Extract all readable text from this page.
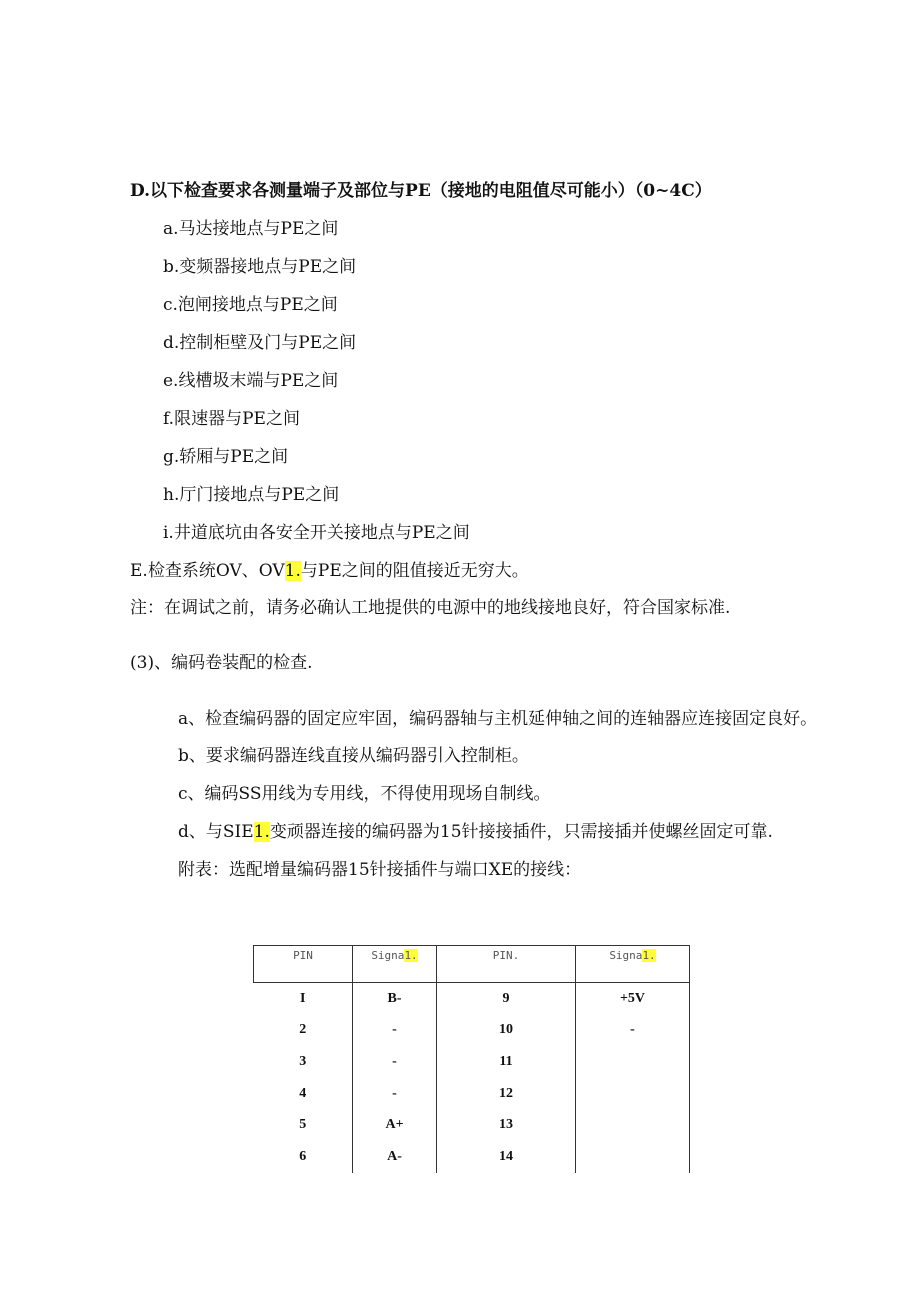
D.以下检查要求各测量端子及部位与PE（接地的电阻值尽可能小）（0~4C）
a.马达接地点与PE之间
b.变频器接地点与PE之间
c.泡闸接地点与PE之间
d.控制柜壁及门与PE之间
e.线槽圾末端与PE之间
f.限速器与PE之间
g.轿厢与PE之间
h.厅门接地点与PE之间
i.井道底坑由各安全开关接地点与PE之间
E.检查系统OV、OV1.与PE之间的阻值接近无穷大。
注：在调试之前，请务必确认工地提供的电源中的地线接地良好，符合国家标准.
(3)、编码卷装配的检查.
a、检查编码器的固定应牢固，编码器轴与主机延伸轴之间的连轴器应连接固定良好。
b、要求编码器连线直接从编码器引入控制柜。
c、编码SS用线为专用线，不得使用现场自制线。
d、与SIE1.变顽器连接的编码器为15针接接插件，只需接插并使螺丝固定可靠.
附表：选配增量编码器15针接插件与端口XE的接线：
PIN	Signa1.	PIN.	Signa1.
I	B-	9	+5V
2	-	10	-
3	-	11	
4	-	12	
5	A+	13	
6	A-	14	
